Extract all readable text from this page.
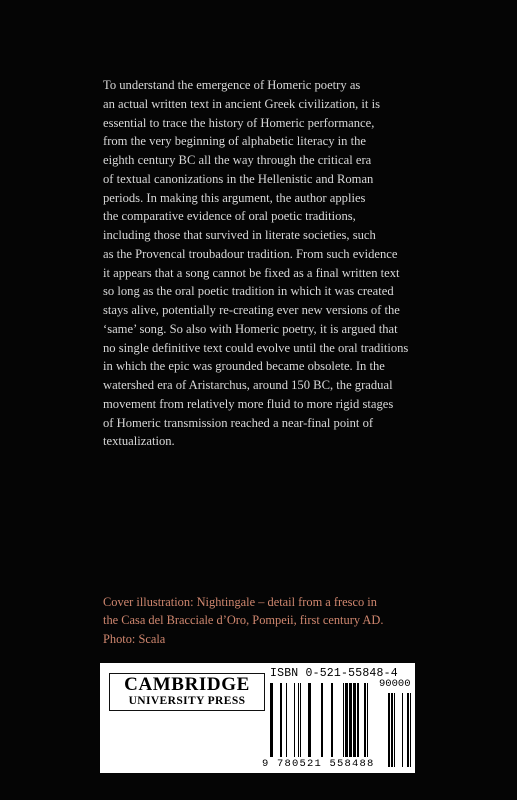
To understand the emergence of Homeric poetry as
an actual written text in ancient Greek civilization, it is
essential to trace the history of Homeric performance,
from the very beginning of alphabetic literacy in the
eighth century BC all the way through the critical era
of textual canonizations in the Hellenistic and Roman
periods. In making this argument, the author applies
the comparative evidence of oral poetic traditions,
including those that survived in literate societies, such
as the Provencal troubadour tradition. From such evidence
it appears that a song cannot be fixed as a final written text
so long as the oral poetic tradition in which it was created
stays alive, potentially re-creating ever new versions of the
‘same’ song. So also with Homeric poetry, it is argued that
no single definitive text could evolve until the oral traditions
in which the epic was grounded became obsolete. In the
watershed era of Aristarchus, around 150 BC, the gradual
movement from relatively more fluid to more rigid stages
of Homeric transmission reached a near-final point of
textualization.
Cover illustration: Nightingale – detail from a fresco in
the Casa del Bracciale d’Oro, Pompeii, first century AD.
Photo: Scala
CAMBRIDGE
UNIVERSITY PRESS
ISBN 0-521-55848-4
90000
9 780521 558488
